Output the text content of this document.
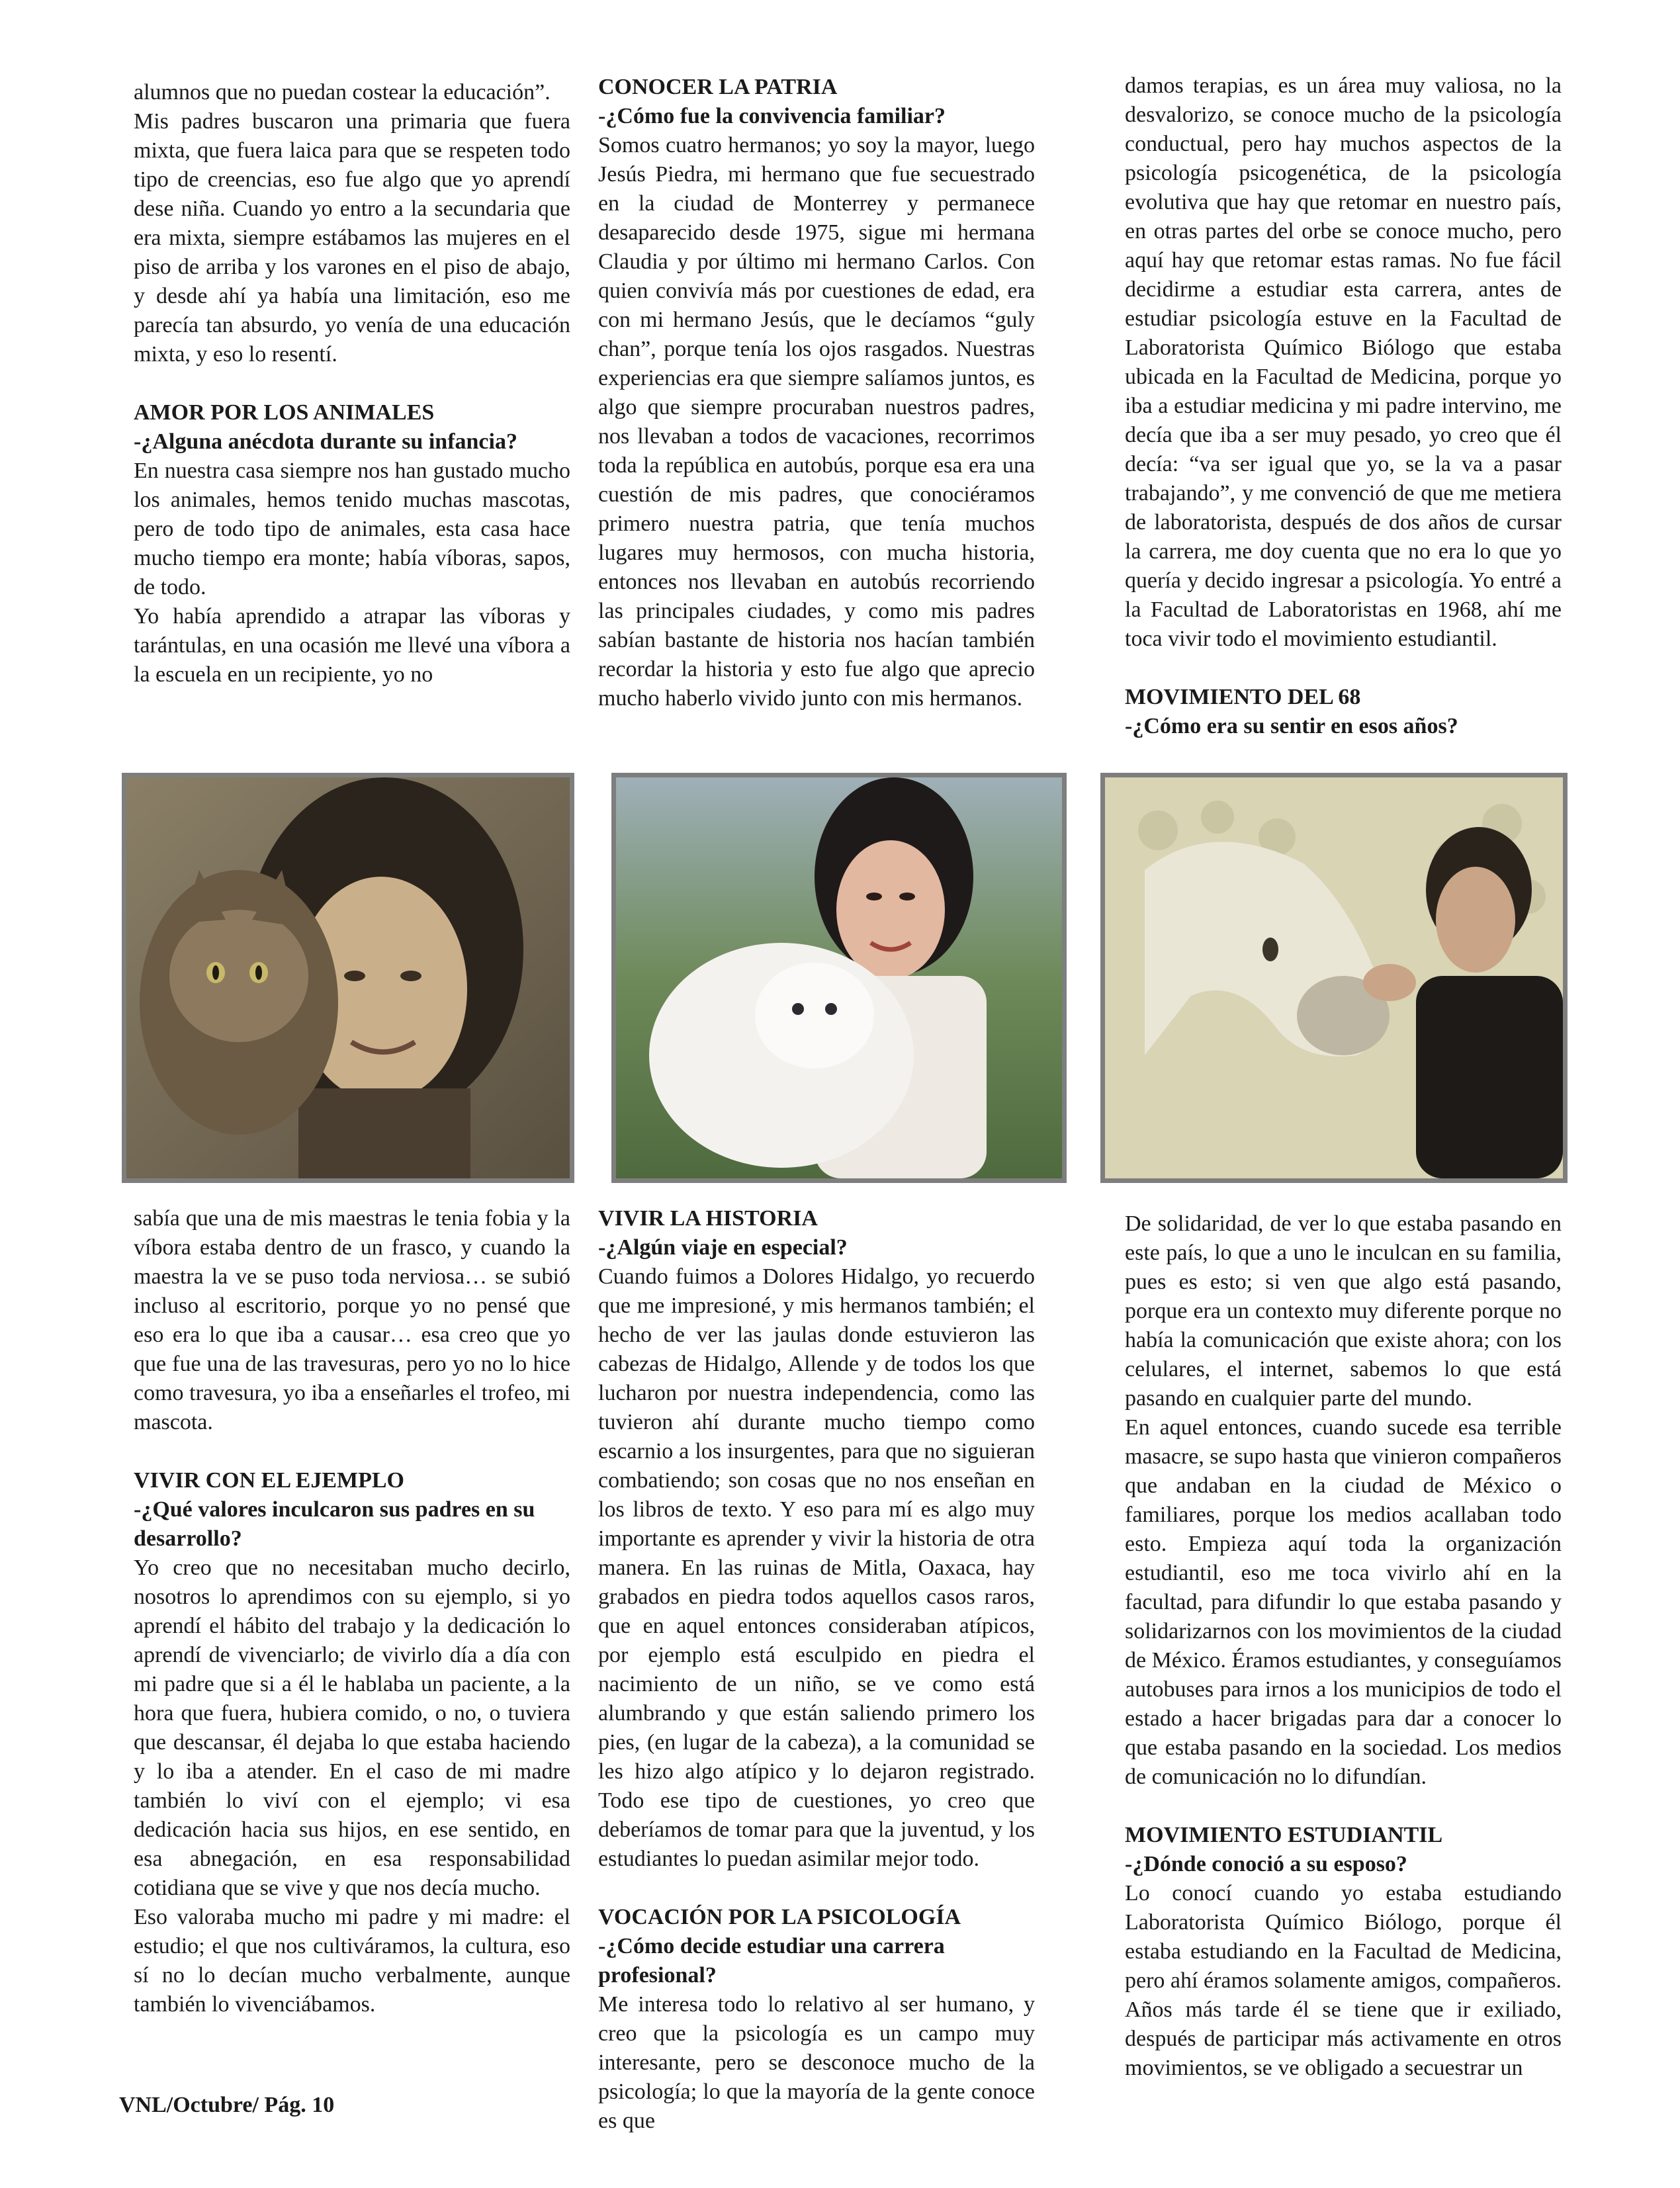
alumnos que no puedan costear la educación”.

Mis padres buscaron una primaria que fuera mixta, que fuera laica para que se respeten todo tipo de creencias, eso fue algo que yo aprendí dese niña. Cuando yo entro a la secundaria que era mixta, siempre estábamos las mujeres en el piso de arriba y los varones en el piso de abajo, y desde ahí ya había una limitación, eso me parecía tan absurdo, yo venía de una educación mixta, y eso lo resentí.

AMOR POR LOS ANIMALES

-¿Alguna anécdota durante su infancia?

En nuestra casa siempre nos han gustado mucho los animales, hemos tenido muchas mascotas, pero de todo tipo de animales, esta casa hace mucho tiempo era monte; había víboras, sapos, de todo.

Yo había aprendido a atrapar las víboras y tarántulas, en una ocasión me llevé una víbora a la escuela en un recipiente, yo no

sabía que una de mis maestras le tenia fobia y la víbora estaba dentro de un frasco, y cuando la maestra la ve se puso toda nerviosa… se subió incluso al escritorio, porque yo no pensé que eso era lo que iba a causar… esa creo que yo que fue una de las travesuras, pero yo no lo hice como travesura, yo iba a enseñarles el trofeo, mi mascota.

VIVIR CON EL EJEMPLO

-¿Qué valores inculcaron sus padres en su desarrollo?

Yo creo que no necesitaban mucho decirlo, nosotros lo aprendimos con su ejemplo, si yo aprendí el hábito del trabajo y la dedicación lo aprendí de vivenciarlo; de vivirlo día a día con mi padre que si a él le hablaba un paciente, a la hora que fuera, hubiera comido, o no, o tuviera que descansar, él dejaba lo que estaba haciendo y lo iba a atender. En el caso de mi madre también lo viví con el ejemplo; vi esa dedicación hacia sus hijos, en ese sentido, en esa abnegación, en esa responsabilidad cotidiana que se vive y que nos decía mucho.

Eso valoraba mucho mi padre y mi madre: el estudio; el que nos cultiváramos, la cultura, eso sí no lo decían mucho verbalmente, aunque también lo vivenciábamos.

CONOCER LA PATRIA

-¿Cómo fue la convivencia familiar?

Somos cuatro hermanos; yo soy la mayor, luego Jesús Piedra, mi hermano que fue secuestrado en la ciudad de Monterrey y permanece desaparecido desde 1975, sigue mi hermana Claudia y por último mi hermano Carlos. Con quien convivía más por cuestiones de edad, era con mi hermano Jesús, que le decíamos “guly chan”, porque tenía los ojos rasgados. Nuestras experiencias era que siempre salíamos juntos, es algo que siempre procuraban nuestros padres, nos llevaban a todos de vacaciones, recorrimos toda la república en autobús, porque esa era una cuestión de mis padres, que conociéramos primero nuestra patria, que tenía muchos lugares muy hermosos, con mucha historia, entonces nos llevaban en autobús recorriendo las principales ciudades, y como mis padres sabían bastante de historia nos hacían también recordar la historia y esto fue algo que aprecio mucho haberlo vivido junto con mis hermanos.

VIVIR LA HISTORIA

-¿Algún viaje en especial?

Cuando fuimos a Dolores Hidalgo, yo recuerdo que me impresioné, y mis hermanos también; el hecho de ver las jaulas donde estuvieron las cabezas de Hidalgo, Allende y de todos los que lucharon por nuestra independencia, como las tuvieron ahí durante mucho tiempo como escarnio a los insurgentes, para que no siguieran combatiendo; son cosas que no nos enseñan en los libros de texto. Y eso para mí es algo muy importante es aprender y vivir la historia de otra manera. En las ruinas de Mitla, Oaxaca, hay grabados en piedra todos aquellos casos raros, que en aquel entonces consideraban atípicos, por ejemplo está esculpido en piedra el nacimiento de un niño, se ve como está alumbrando y que están saliendo primero los pies, (en lugar de la cabeza), a la comunidad se les hizo algo atípico y lo dejaron registrado. Todo ese tipo de cuestiones, yo creo que deberíamos de tomar para que la juventud, y los estudiantes lo puedan asimilar mejor todo.

VOCACIÓN POR LA PSICOLOGÍA

-¿Cómo decide estudiar una carrera profesional?

Me interesa todo lo relativo al ser humano, y creo que la psicología es un campo muy interesante, pero se desconoce mucho de la psicología; lo que la mayoría de la gente conoce es que

damos terapias, es un área muy valiosa, no la desvalorizo, se conoce mucho de la psicología conductual, pero hay muchos aspectos de la psicología psicogenética, de la psicología evolutiva que hay que retomar en nuestro país, en otras partes del orbe se conoce mucho, pero aquí hay que retomar estas ramas. No fue fácil decidirme a estudiar esta carrera, antes de estudiar psicología estuve en la Facultad de Laboratorista Químico Biólogo que estaba ubicada en la Facultad de Medicina, porque yo iba a estudiar medicina y mi padre intervino, me decía que iba a ser muy pesado, yo creo que él decía: “va ser igual que yo, se la va a pasar trabajando”, y me convenció de que me metiera de laboratorista, después de dos años de cursar la carrera, me doy cuenta que no era lo que yo quería y decido ingresar a psicología. Yo entré a la Facultad de Laboratoristas en 1968, ahí me toca vivir todo el movimiento estudiantil.

MOVIMIENTO DEL 68

-¿Cómo era su sentir en esos años?

De solidaridad, de ver lo que estaba pasando en este país, lo que a uno le inculcan en su familia, pues es esto; si ven que algo está pasando, porque era un contexto muy diferente porque no había la comunicación que existe ahora; con los celulares, el internet, sabemos lo que está pasando en cualquier parte del mundo.

En aquel entonces, cuando sucede esa terrible masacre, se supo hasta que vinieron compañeros que andaban en la ciudad de México o familiares, porque los medios acallaban todo esto. Empieza aquí toda la organización estudiantil, eso me toca vivirlo ahí en la facultad, para difundir lo que estaba pasando y solidarizarnos con los movimientos de la ciudad de México. Éramos estudiantes, y conseguíamos autobuses para irnos a los municipios de todo el estado a hacer brigadas para dar a conocer lo que estaba pasando en la sociedad. Los medios de comunicación no lo difundían.

MOVIMIENTO ESTUDIANTIL

-¿Dónde conoció a su esposo?

Lo conocí cuando yo estaba estudiando Laboratorista Químico Biólogo, porque él estaba estudiando en la Facultad de Medicina, pero ahí éramos solamente amigos, compañeros. Años más tarde él se tiene que ir exiliado, después de participar más activamente en otros movimientos, se ve obligado a secuestrar un

VNL/Octubre/ Pág. 10
